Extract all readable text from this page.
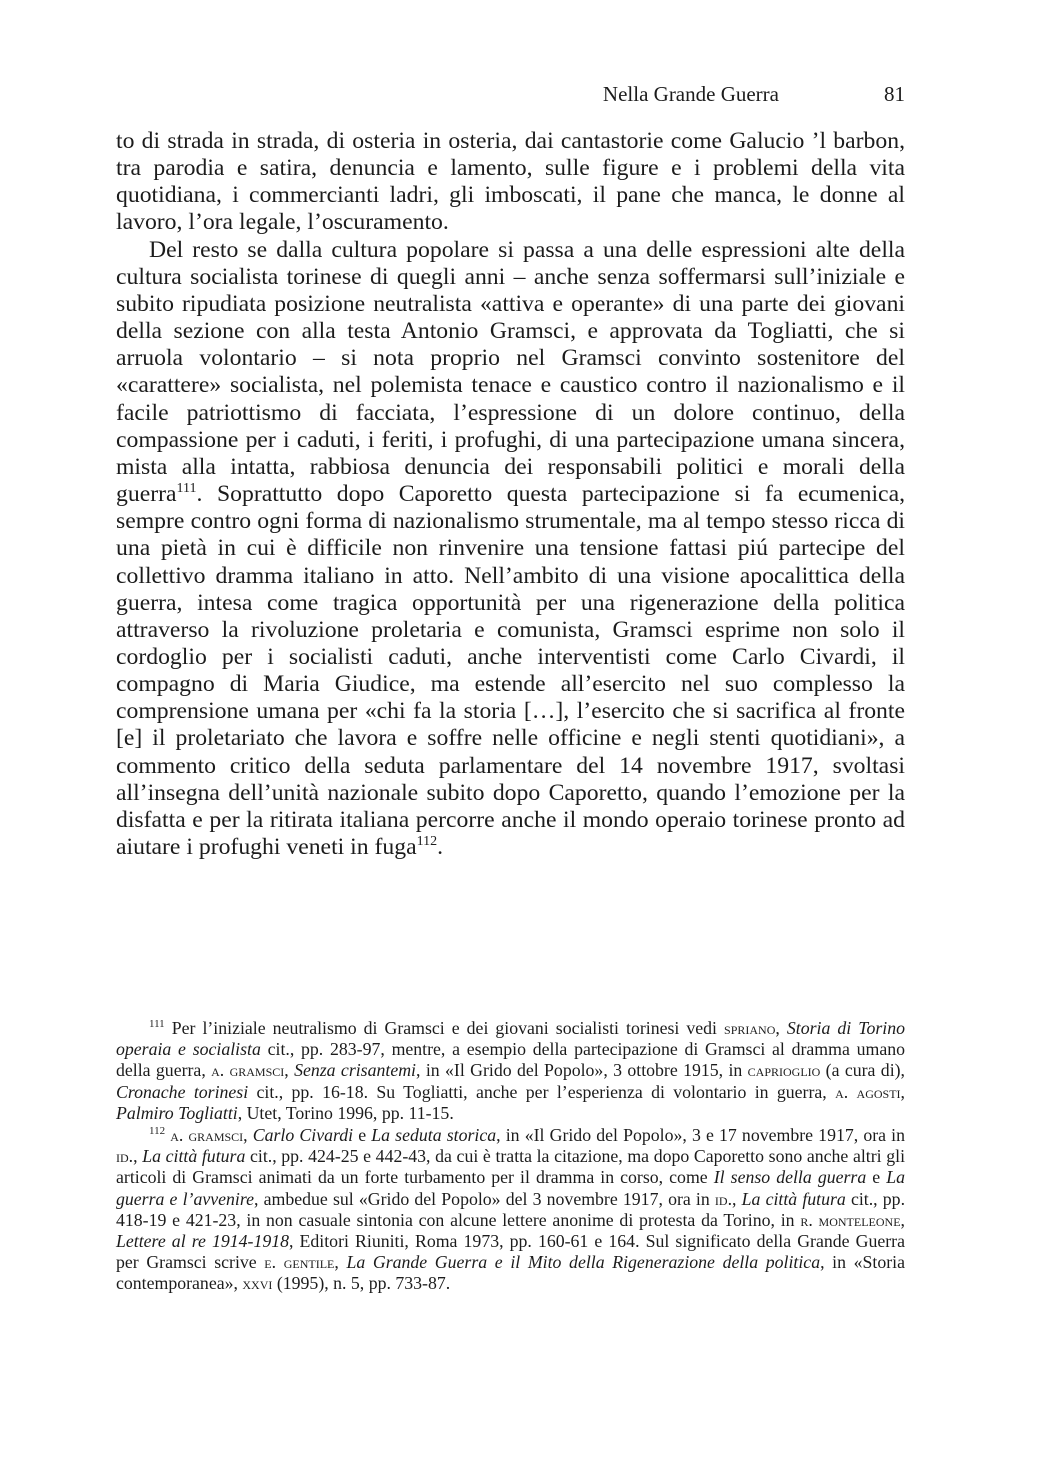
Nella Grande Guerra	81

to di strada in strada, di osteria in osteria, dai cantastorie come Galucio ’l barbon, tra parodia e satira, denuncia e lamento, sulle figure e i problemi della vita quotidiana, i commercianti ladri, gli imboscati, il pane che manca, le donne al lavoro, l’ora legale, l’oscuramento.

Del resto se dalla cultura popolare si passa a una delle espressioni alte della cultura socialista torinese di quegli anni – anche senza soffermarsi sull’iniziale e subito ripudiata posizione neutralista «attiva e operante» di una parte dei giovani della sezione con alla testa Antonio Gramsci, e approvata da Togliatti, che si arruola volontario – si nota proprio nel Gramsci convinto sostenitore del «carattere» socialista, nel polemista tenace e caustico contro il nazionalismo e il facile patriottismo di facciata, l’espressione di un dolore continuo, della compassione per i caduti, i feriti, i profughi, di una partecipazione umana sincera, mista alla intatta, rabbiosa denuncia dei responsabili politici e morali della guerra$^{111}$. Soprattutto dopo Caporetto questa partecipazione si fa ecumenica, sempre contro ogni forma di nazionalismo strumentale, ma al tempo stesso ricca di una pietà in cui è difficile non rinvenire una tensione fattasi piú partecipe del collettivo dramma italiano in atto. Nell’ambito di una visione apocalittica della guerra, intesa come tragica opportunità per una rigenerazione della politica attraverso la rivoluzione proletaria e comunista, Gramsci esprime non solo il cordoglio per i socialisti caduti, anche interventisti come Carlo Civardi, il compagno di Maria Giudice, ma estende all’esercito nel suo complesso la comprensione umana per «chi fa la storia […], l’esercito che si sacrifica al fronte [e] il proletariato che lavora e soffre nelle officine e negli stenti quotidiani», a commento critico della seduta parlamentare del 14 novembre 1917, svoltasi all’insegna dell’unità nazionale subito dopo Caporetto, quando l’emozione per la disfatta e per la ritirata italiana percorre anche il mondo operaio torinese pronto ad aiutare i profughi veneti in fuga$^{112}$.

$^{111}$ Per l’iniziale neutralismo di Gramsci e dei giovani socialisti torinesi vedi spriano, Storia di Torino operaia e socialista cit., pp. 283-97, mentre, a esempio della partecipazione di Gramsci al dramma umano della guerra, a. gramsci, Senza crisantemi, in «Il Grido del Popolo», 3 ottobre 1915, in caprioglio (a cura di), Cronache torinesi cit., pp. 16-18. Su Togliatti, anche per l’esperienza di volontario in guerra, a. agosti, Palmiro Togliatti, Utet, Torino 1996, pp. 11-15.

$^{112}$ a. gramsci, Carlo Civardi e La seduta storica, in «Il Grido del Popolo», 3 e 17 novembre 1917, ora in id., La città futura cit., pp. 424-25 e 442-43, da cui è tratta la citazione, ma dopo Caporetto sono anche altri gli articoli di Gramsci animati da un forte turbamento per il dramma in corso, come Il senso della guerra e La guerra e l’avvenire, ambedue sul «Grido del Popolo» del 3 novembre 1917, ora in id., La città futura cit., pp. 418-19 e 421-23, in non casuale sintonia con alcune lettere anonime di protesta da Torino, in r. monteleone, Lettere al re 1914-1918, Editori Riuniti, Roma 1973, pp. 160-61 e 164. Sul significato della Grande Guerra per Gramsci scrive e. gentile, La Grande Guerra e il Mito della Rigenerazione della politica, in «Storia contemporanea», xxvi (1995), n. 5, pp. 733-87.
